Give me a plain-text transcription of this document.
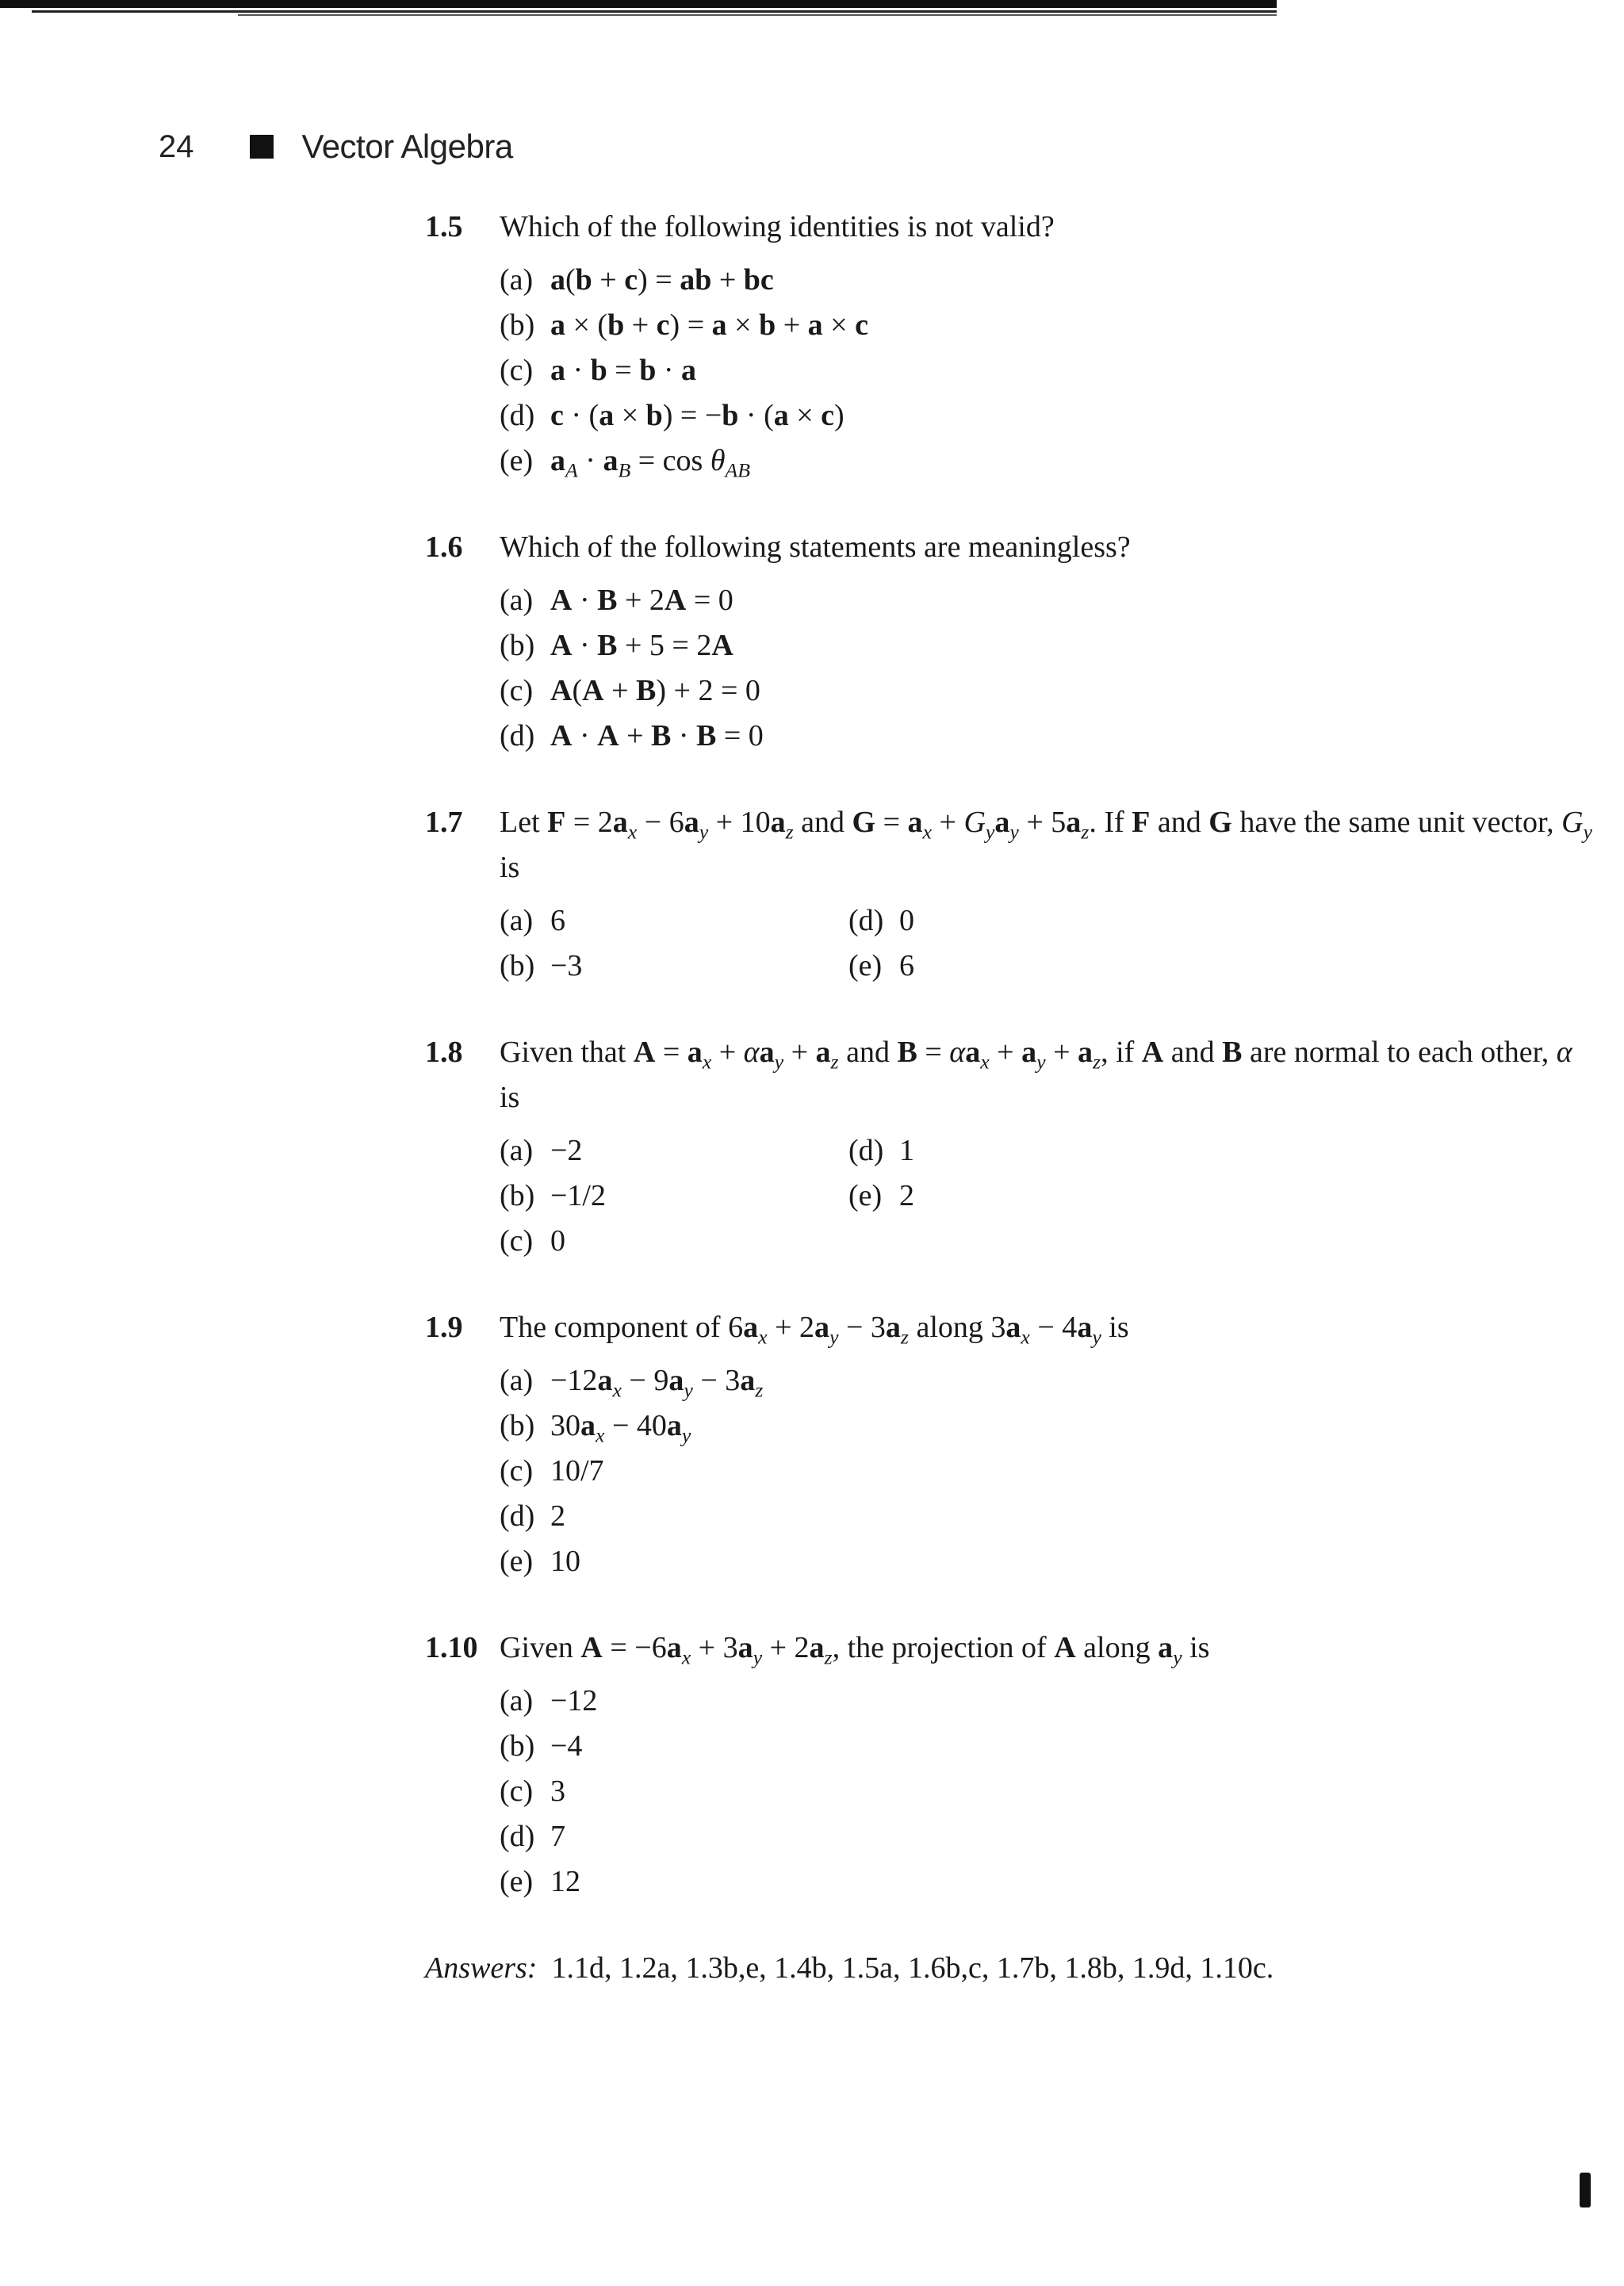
24	Vector Algebra
1.5	Which of the following identities is not valid?
(a) a(b + c) = ab + bc
(b) a × (b + c) = a × b + a × c
(c) a · b = b · a
(d) c · (a × b) = −b · (a × c)
(e) $a_A \cdot a_B = \cos \theta_{AB}$
1.6	Which of the following statements are meaningless?
(a) A · B + 2A = 0
(b) A · B + 5 = 2A
(c) A(A + B) + 2 = 0
(d) A · A + B · B = 0
1.7	Let $F = 2a_x - 6a_y + 10a_z$ and $G = a_x + G_ya_y + 5a_z$. If F and G have the same unit vector, $G_y$ is
(a) 6
(b) −3
(d) 0
(e) 6
1.8	Given that $A = a_x + \alpha a_y + a_z$ and $B = \alpha a_x + a_y + a_z$, if A and B are normal to each other, α is
(a) −2
(b) −1/2
(c) 0
(d) 1
(e) 2
1.9	The component of $6a_x + 2a_y - 3a_z$ along $3a_x - 4a_y$ is
$(a) -12a_x - 9a_y - 3a_z$
(b) $30a_x - 40a_y$
(c) 10/7
(d) 2
(e) 10
1.10 Given $A = -6a_x + 3a_y + 2a_z$, the projection of A along $a_y$ is
(a) −12
(b) −4
(c) 3
(d) 7
(e) 12
Answers: 1.1d, 1.2a, 1.3b,e, 1.4b, 1.5a, 1.6b,c, 1.7b, 1.8b, 1.9d, 1.10c.
